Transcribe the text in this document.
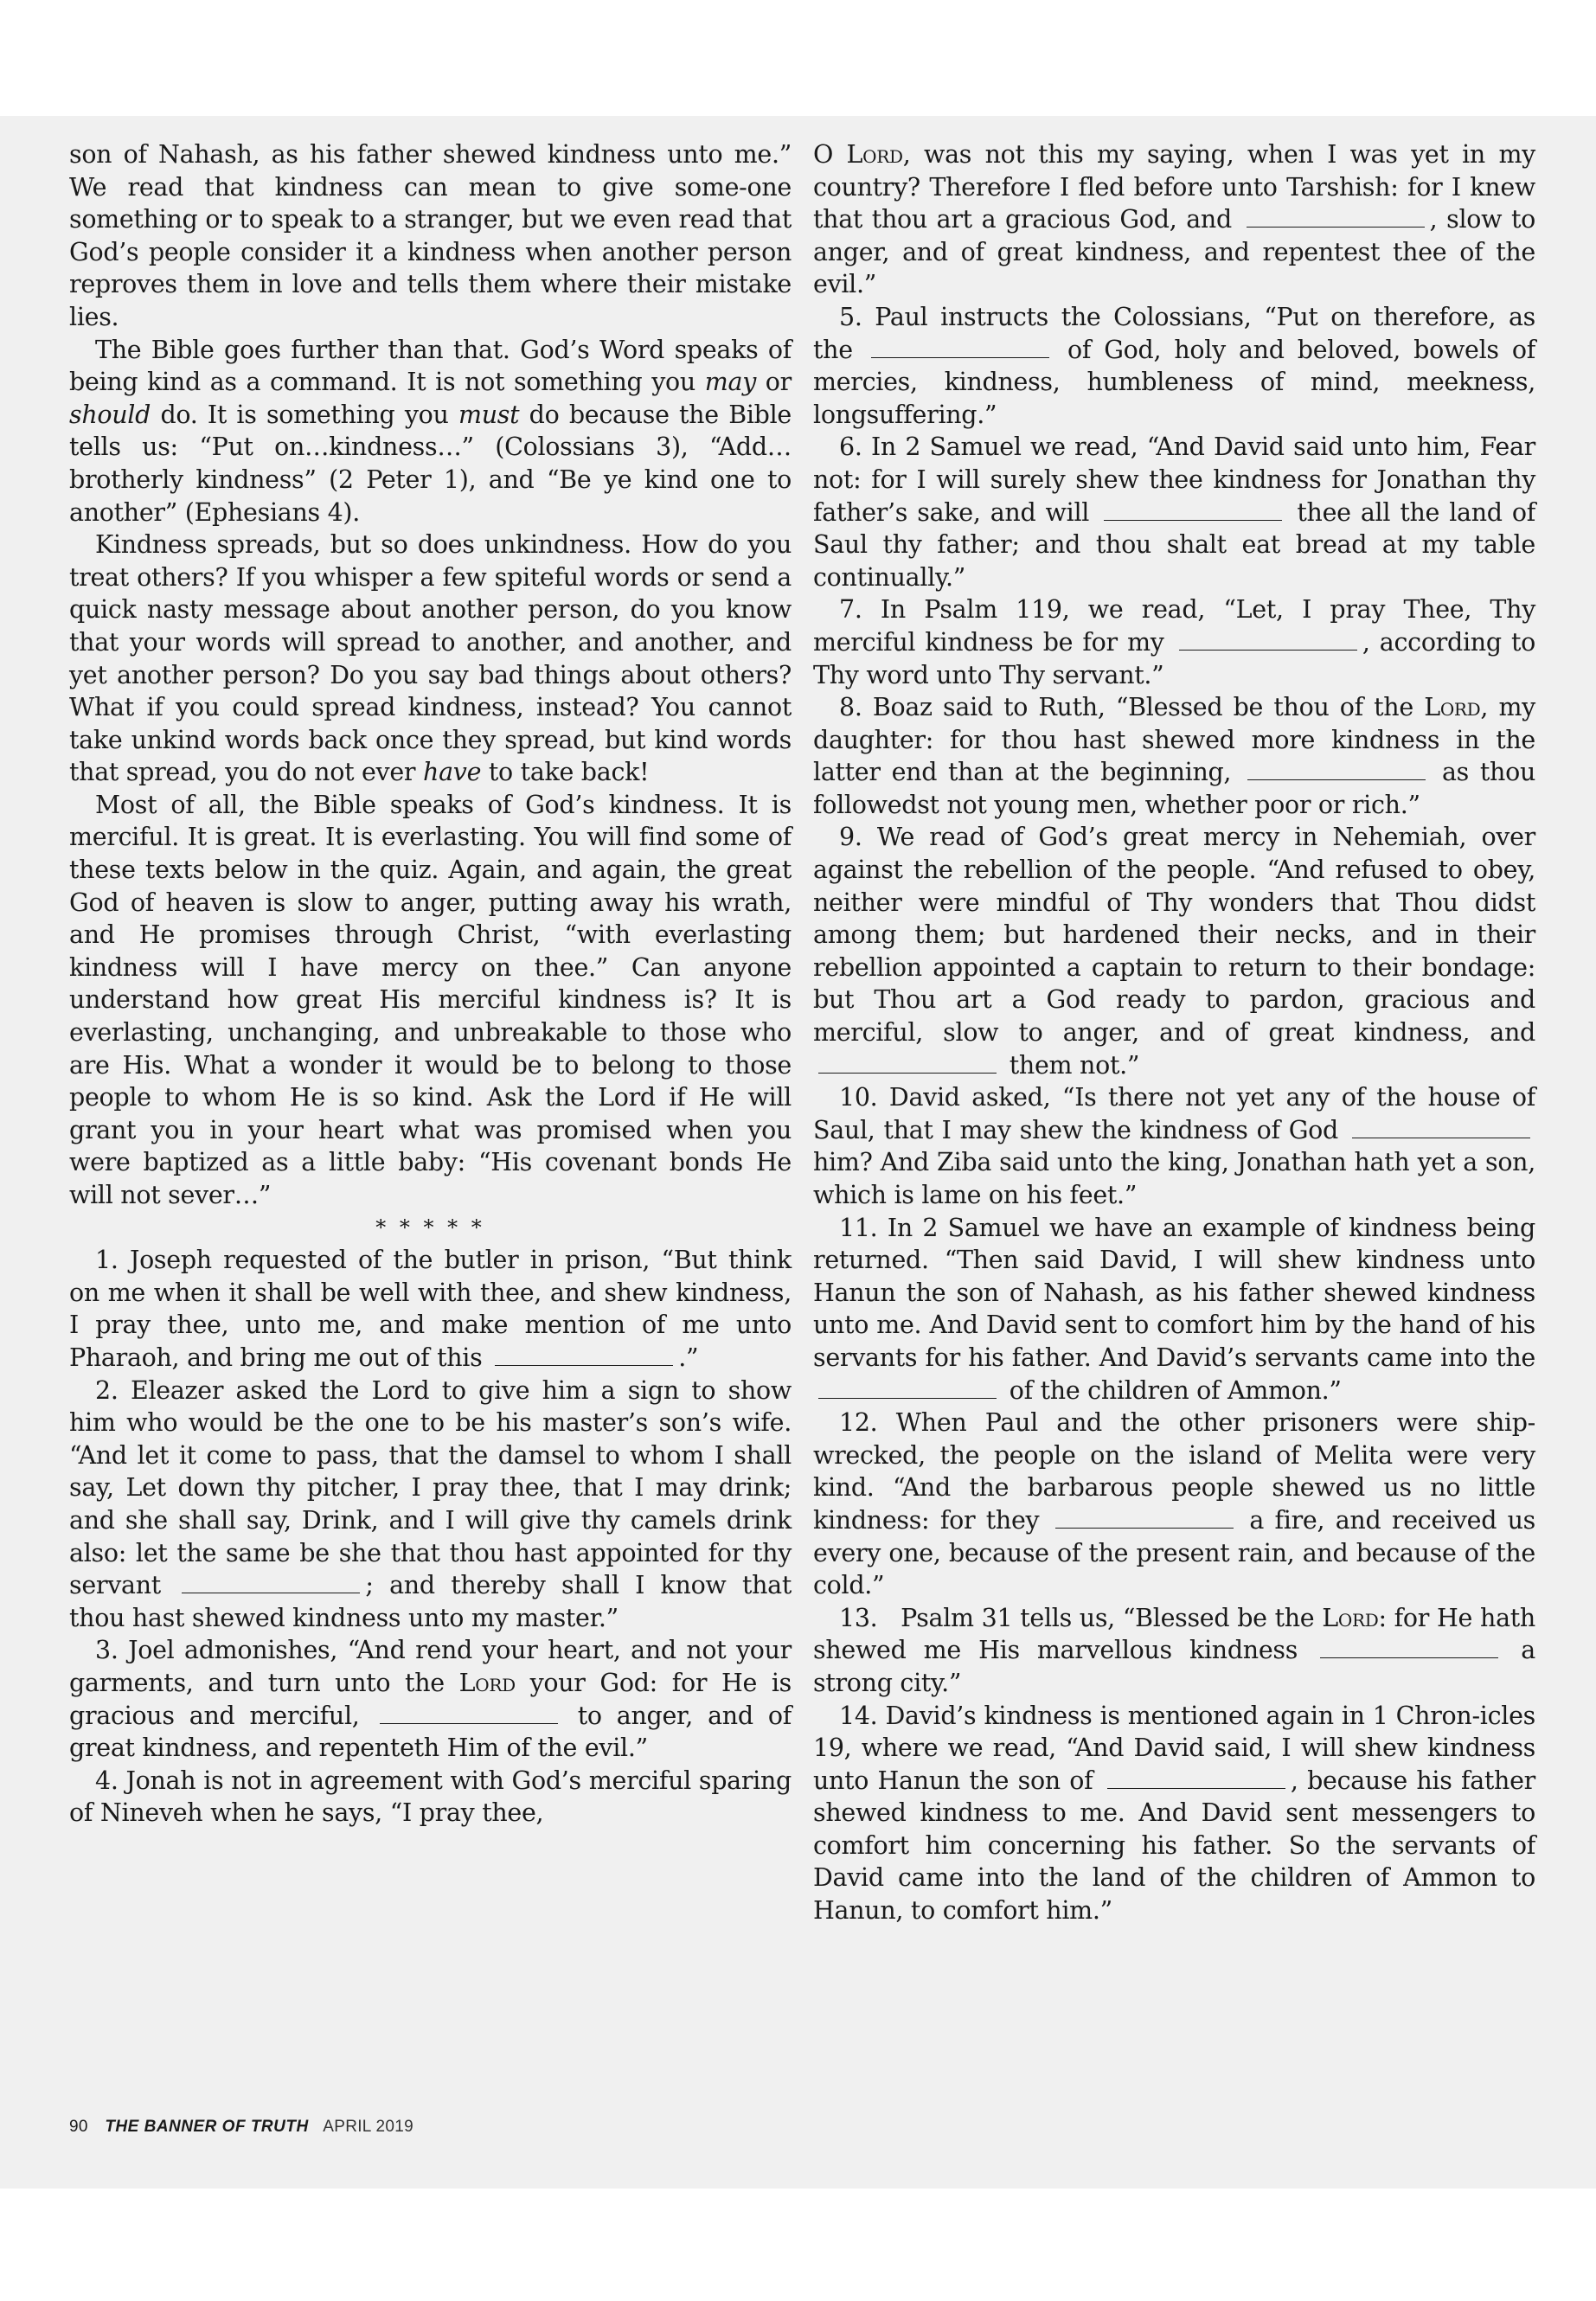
son of Nahash, as his father shewed kindness unto me.” We read that kindness can mean to give some-one something or to speak to a stranger, but we even read that God’s people consider it a kindness when another person reproves them in love and tells them where their mistake lies.

The Bible goes further than that. God’s Word speaks of being kind as a command. It is not something you may or should do. It is something you must do because the Bible tells us: “Put on…kindness…” (Colossians 3), “Add…brotherly kindness” (2 Peter 1), and “Be ye kind one to another” (Ephesians 4).

Kindness spreads, but so does unkindness. How do you treat others? If you whisper a few spiteful words or send a quick nasty message about another person, do you know that your words will spread to another, and another, and yet another person? Do you say bad things about others? What if you could spread kindness, instead? You cannot take unkind words back once they spread, but kind words that spread, you do not ever have to take back!

Most of all, the Bible speaks of God’s kindness. It is merciful. It is great. It is everlasting. You will find some of these texts below in the quiz. Again, and again, the great God of heaven is slow to anger, putting away his wrath, and He promises through Christ, “with everlasting kindness will I have mercy on thee.” Can anyone understand how great His merciful kindness is? It is everlasting, unchanging, and unbreakable to those who are His. What a wonder it would be to belong to those people to whom He is so kind. Ask the Lord if He will grant you in your heart what was promised when you were baptized as a little baby: “His covenant bonds He will not sever…”

* * * * *

1. Joseph requested of the butler in prison, “But think on me when it shall be well with thee, and shew kindness, I pray thee, unto me, and make mention of me unto Pharaoh, and bring me out of this	.”

2. Eleazer asked the Lord to give him a sign to show him who would be the one to be his master’s son’s wife. “And let it come to pass, that the damsel to whom I shall say, Let down thy pitcher, I pray thee, that I may drink; and she shall say, Drink, and I will give thy camels drink also: let the same be she that thou hast appointed for thy servant	; and thereby shall I know that thou hast shewed kindness unto my master.”

3. Joel admonishes, “And rend your heart, and not your garments, and turn unto the Lord your God: for He is gracious and merciful,	to anger, and of great kindness, and repenteth Him of the evil.”

4. Jonah is not in agreement with God’s merciful sparing of Nineveh when he says, “I pray thee,

O Lord, was not this my saying, when I was yet in my country? Therefore I fled before unto Tarshish: for I knew that thou art a gracious God, and	, slow to anger, and of great kindness, and repentest thee of the evil.”

5. Paul instructs the Colossians, “Put on therefore, as the	of God, holy and beloved, bowels of mercies, kindness, humbleness of mind, meekness, longsuffering.”

6. In 2 Samuel we read, “And David said unto him, Fear not: for I will surely shew thee kindness for Jonathan thy father’s sake, and will	thee all the land of Saul thy father; and thou shalt eat bread at my table continually.”

7. In Psalm 119, we read, “Let, I pray Thee, Thy merciful kindness be for my	, according to Thy word unto Thy servant.”

8. Boaz said to Ruth, “Blessed be thou of the Lord, my daughter: for thou hast shewed more kindness in the latter end than at the beginning,	as thou followedst not young men, whether poor or rich.”

9. We read of God’s great mercy in Nehemiah, over against the rebellion of the people. “And refused to obey, neither were mindful of Thy wonders that Thou didst among them; but hardened their necks, and in their rebellion appointed a captain to return to their bondage: but Thou art a God ready to pardon, gracious and merciful, slow to anger, and of great kindness, and  them not.”

10. David asked, “Is there not yet any of the house of Saul, that I may shew the kindness of God  him? And Ziba said unto the king, Jonathan hath yet a son, which is lame on his feet.”

11. In 2 Samuel we have an example of kindness being returned. “Then said David, I will shew kindness unto Hanun the son of Nahash, as his father shewed kindness unto me. And David sent to comfort him by the hand of his servants for his father. And David’s servants came into the  of the children of Ammon.”

12. When Paul and the other prisoners were ship-wrecked, the people on the island of Melita were very kind. “And the barbarous people shewed us no little kindness: for they	a fire, and received us every one, because of the present rain, and because of the cold.”

13.   Psalm 31 tells us, “Blessed be the Lord: for He hath shewed me His marvellous kindness	a strong city.”

14. David’s kindness is mentioned again in 1 Chron-icles 19, where we read, “And David said, I will shew kindness unto Hanun the son of	, because his father shewed kindness to me. And David sent messengers to comfort him concerning his father. So the servants of David came into the land of the children of Ammon to Hanun, to comfort him.”

90 THE BANNER OF TRUTH APRIL 2019
